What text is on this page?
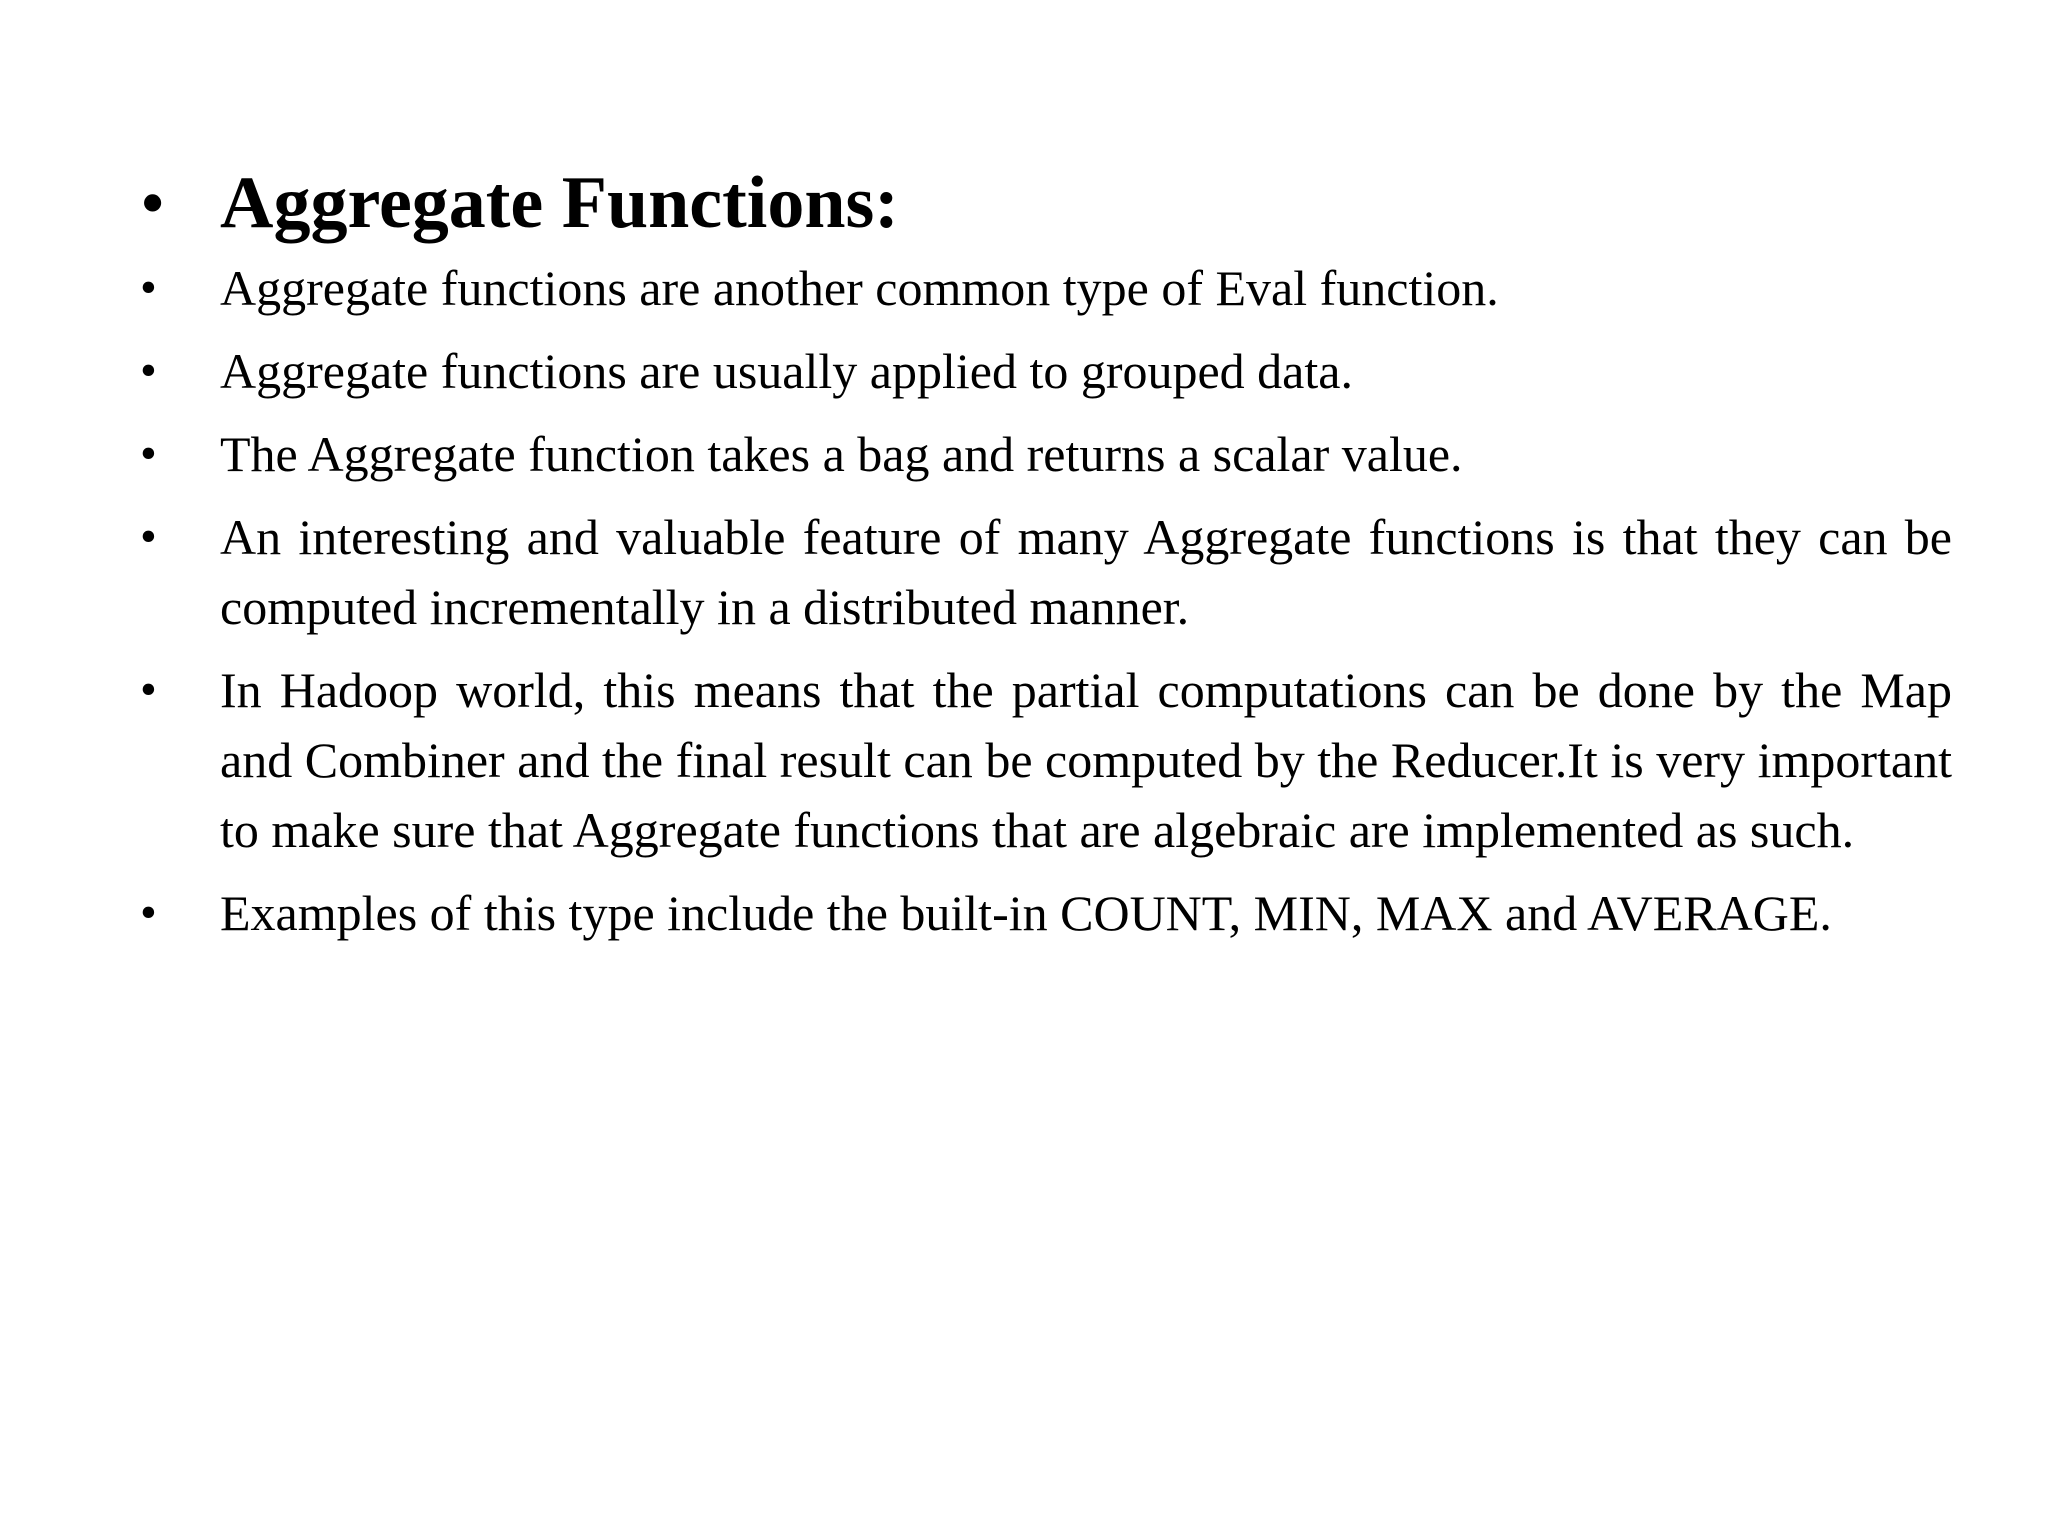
• Aggregate Functions:
•	Aggregate functions are another common type of Eval function.
•	Aggregate functions are usually applied to grouped data.
•	The Aggregate function takes a bag and returns a scalar value.
•	An interesting and valuable feature of many Aggregate functions is that they can be computed incrementally in a distributed manner.
•	In Hadoop world, this means that the partial computations can be done by the Map and Combiner and the final result can be computed by the Reducer.It is very important to make sure that Aggregate functions that are algebraic are implemented as such.
•	Examples of this type include the built-in COUNT, MIN, MAX and AVERAGE.
